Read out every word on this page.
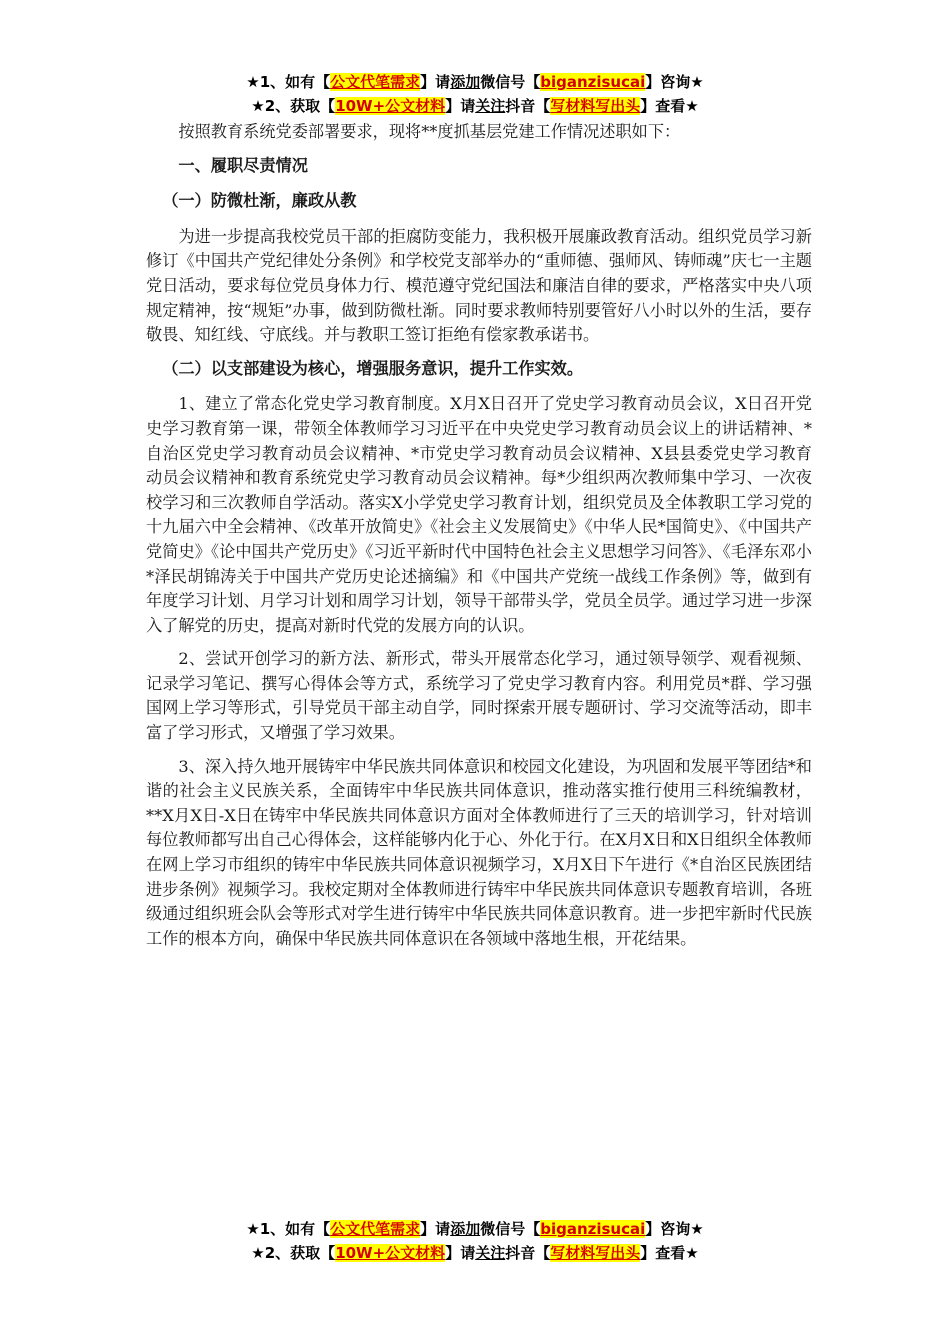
★1、如有【公文代笔需求】请添加微信号【biganzisucai】咨询★
★2、获取【10W+公文材料】请关注抖音【写材料写出头】查看★

按照教育系统党委部署要求，现将**度抓基层党建工作情况述职如下：

一、履职尽责情况

（一）防微杜渐，廉政从教

为进一步提高我校党员干部的拒腐防变能力，我积极开展廉政教育活动。组织党员学习新修订《中国共产党纪律处分条例》和学校党支部举办的“重师德、强师风、铸师魂”庆七一主题党日活动，要求每位党员身体力行、模范遵守党纪国法和廉洁自律的要求，严格落实中央八项规定精神，按“规矩”办事，做到防微杜渐。同时要求教师特别要管好八小时以外的生活，要存敬畏、知红线、守底线。并与教职工签订拒绝有偿家教承诺书。

（二）以支部建设为核心，增强服务意识，提升工作实效。

1、建立了常态化党史学习教育制度。X月X日召开了党史学习教育动员会议，X日召开党史学习教育第一课，带领全体教师学习习近平在中央党史学习教育动员会议上的讲话精神、*自治区党史学习教育动员会议精神、*市党史学习教育动员会议精神、X县县委党史学习教育动员会议精神和教育系统党史学习教育动员会议精神。每*少组织两次教师集中学习、一次夜校学习和三次教师自学活动。落实X小学党史学习教育计划，组织党员及全体教职工学习党的十九届六中全会精神、《改革开放简史》《社会主义发展简史》《中华人民*国简史》、《中国共产党简史》《论中国共产党历史》《习近平新时代中国特色社会主义思想学习问答》、《毛泽东邓小*泽民胡锦涛关于中国共产党历史论述摘编》和《中国共产党统一战线工作条例》等，做到有年度学习计划、月学习计划和周学习计划，领导干部带头学，党员全员学。通过学习进一步深入了解党的历史，提高对新时代党的发展方向的认识。

2、尝试开创学习的新方法、新形式，带头开展常态化学习，通过领导领学、观看视频、记录学习笔记、撰写心得体会等方式，系统学习了党史学习教育内容。利用党员*群、学习强国网上学习等形式，引导党员干部主动自学，同时探索开展专题研讨、学习交流等活动，即丰富了学习形式，又增强了学习效果。

3、深入持久地开展铸牢中华民族共同体意识和校园文化建设，为巩固和发展平等团结*和谐的社会主义民族关系，全面铸牢中华民族共同体意识，推动落实推行使用三科统编教材，**X月X日-X日在铸牢中华民族共同体意识方面对全体教师进行了三天的培训学习，针对培训每位教师都写出自己心得体会，这样能够内化于心、外化于行。在X月X日和X日组织全体教师在网上学习市组织的铸牢中华民族共同体意识视频学习，X月X日下午进行《*自治区民族团结进步条例》视频学习。我校定期对全体教师进行铸牢中华民族共同体意识专题教育培训，各班级通过组织班会队会等形式对学生进行铸牢中华民族共同体意识教育。进一步把牢新时代民族工作的根本方向，确保中华民族共同体意识在各领域中落地生根，开花结果。

★1、如有【公文代笔需求】请添加微信号【biganzisucai】咨询★
★2、获取【10W+公文材料】请关注抖音【写材料写出头】查看★
